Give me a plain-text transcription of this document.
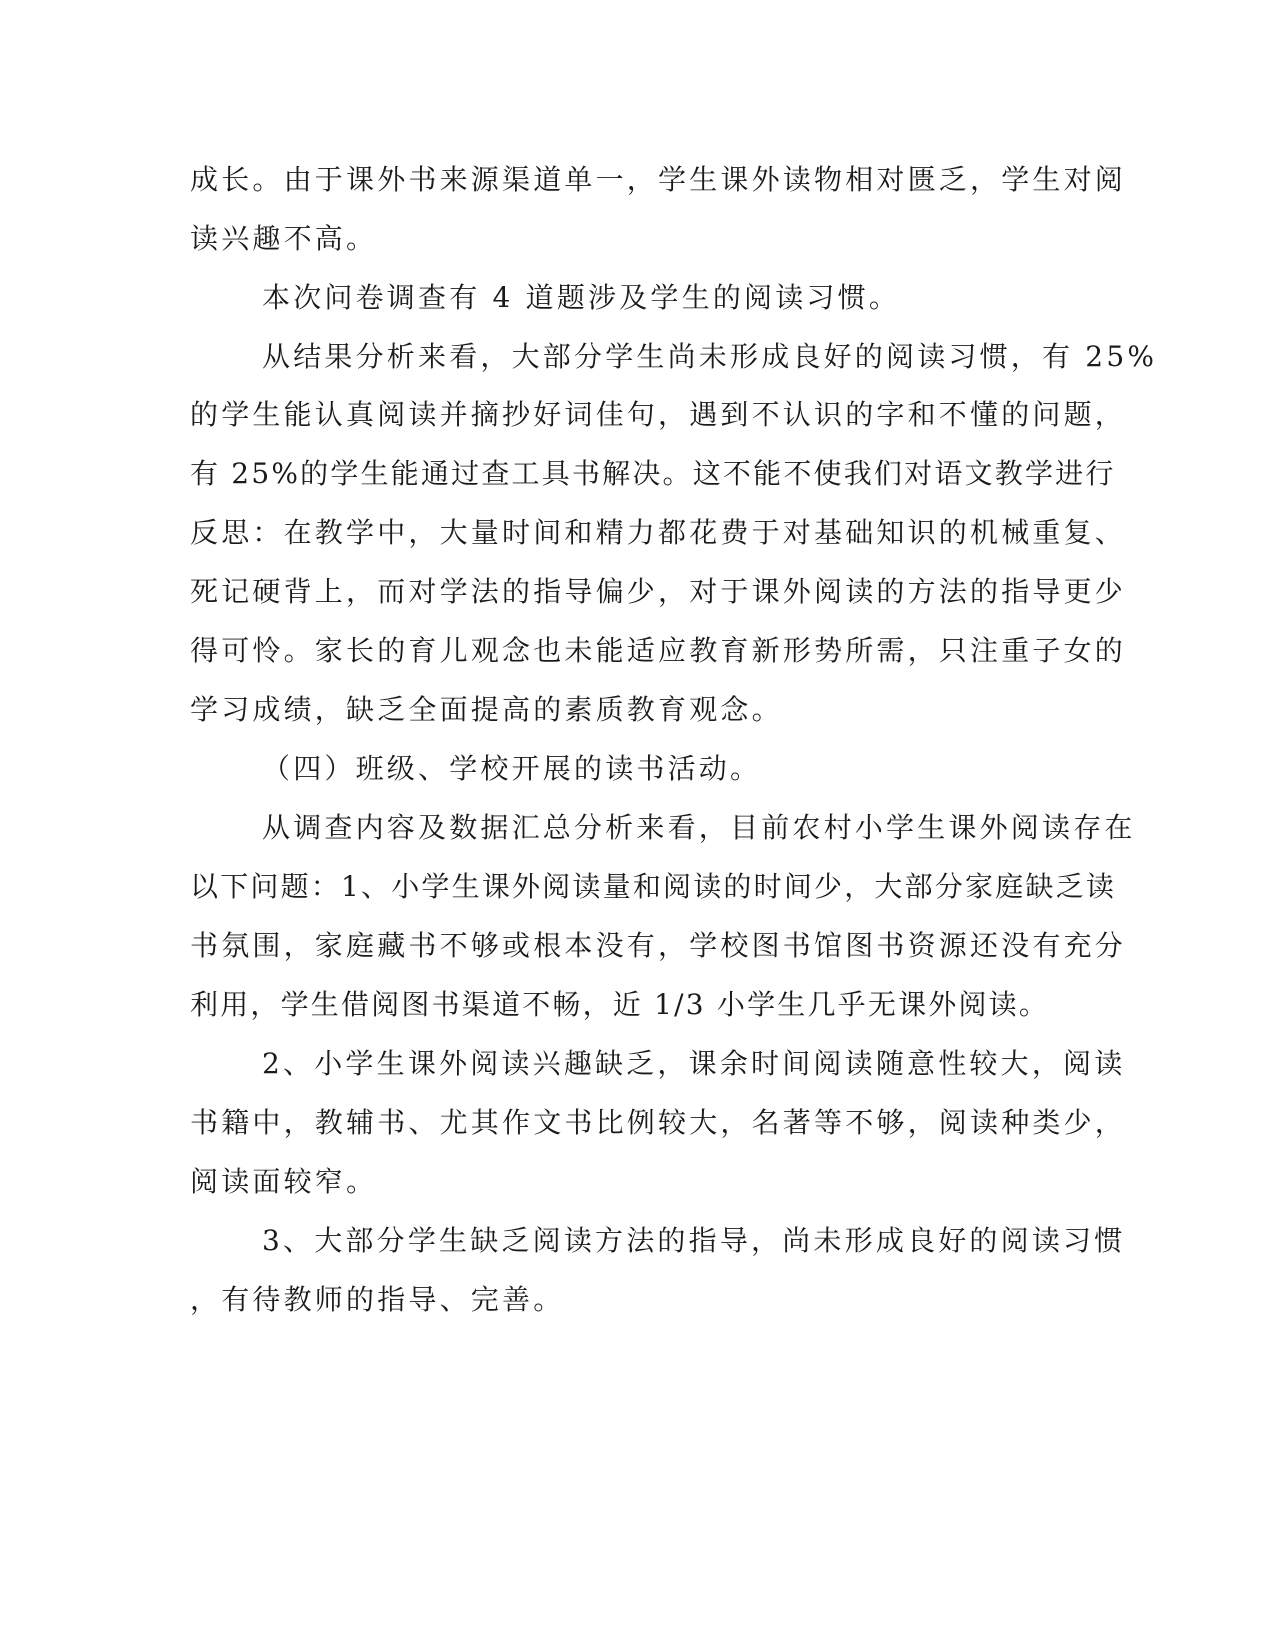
成长。由于课外书来源渠道单一，学生课外读物相对匮乏，学生对阅
读兴趣不高。
本次问卷调查有 4 道题涉及学生的阅读习惯。
从结果分析来看，大部分学生尚未形成良好的阅读习惯，有 25%
的学生能认真阅读并摘抄好词佳句，遇到不认识的字和不懂的问题，
有 25%的学生能通过查工具书解决。这不能不使我们对语文教学进行
反思：在教学中，大量时间和精力都花费于对基础知识的机械重复、
死记硬背上，而对学法的指导偏少，对于课外阅读的方法的指导更少
得可怜。家长的育儿观念也未能适应教育新形势所需，只注重子女的
学习成绩，缺乏全面提高的素质教育观念。
（四）班级、学校开展的读书活动。
从调查内容及数据汇总分析来看，目前农村小学生课外阅读存在
以下问题：1、小学生课外阅读量和阅读的时间少，大部分家庭缺乏读
书氛围，家庭藏书不够或根本没有，学校图书馆图书资源还没有充分
利用，学生借阅图书渠道不畅，近 1/3 小学生几乎无课外阅读。
2、小学生课外阅读兴趣缺乏，课余时间阅读随意性较大，阅读
书籍中，教辅书、尤其作文书比例较大，名著等不够，阅读种类少，
阅读面较窄。
3、大部分学生缺乏阅读方法的指导，尚未形成良好的阅读习惯
，有待教师的指导、完善。
